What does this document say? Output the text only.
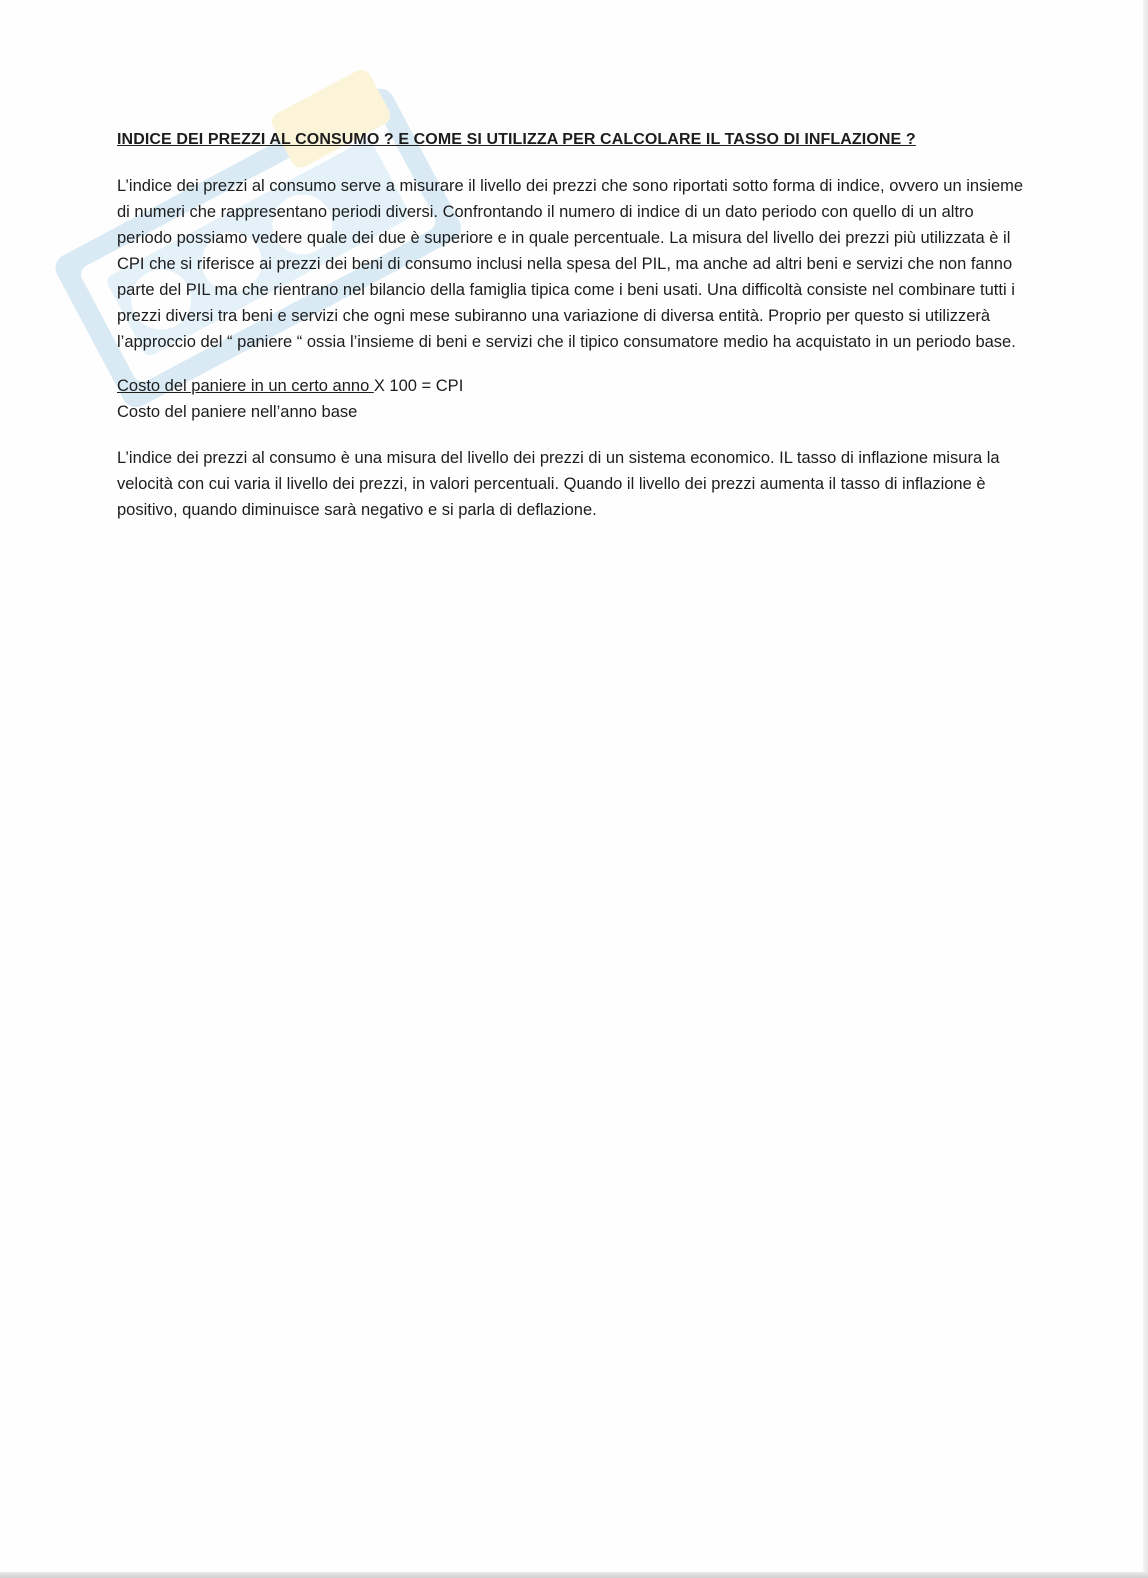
INDICE DEI PREZZI AL CONSUMO ? E COME SI UTILIZZA PER CALCOLARE IL TASSO DI INFLAZIONE ?

L’indice dei prezzi al consumo serve a misurare il livello dei prezzi che sono riportati sotto forma di indice, ovvero un insieme di numeri che rappresentano periodi diversi. Confrontando il numero di indice di un dato periodo con quello di un altro periodo possiamo vedere quale dei due è superiore e in quale percentuale. La misura del livello dei prezzi più utilizzata è il CPI che si riferisce ai prezzi dei beni di consumo inclusi nella spesa del PIL, ma anche ad altri beni e servizi che non fanno parte del PIL ma che rientrano nel bilancio della famiglia tipica come i beni usati. Una difficoltà consiste nel combinare tutti i prezzi diversi tra beni e servizi che ogni mese subiranno una variazione di diversa entità. Proprio per questo si utilizzerà l’approccio del “ paniere “ ossia l’insieme di beni e servizi che il tipico consumatore medio ha acquistato in un periodo base.

Costo del paniere in un certo anno X 100 = CPI
Costo del paniere nell’anno base

L’indice dei prezzi al consumo è una misura del livello dei prezzi di un sistema economico. IL tasso di inflazione misura la velocità con cui varia il livello dei prezzi, in valori percentuali. Quando il livello dei prezzi aumenta il tasso di inflazione è positivo, quando diminuisce sarà negativo e si parla di deflazione.
